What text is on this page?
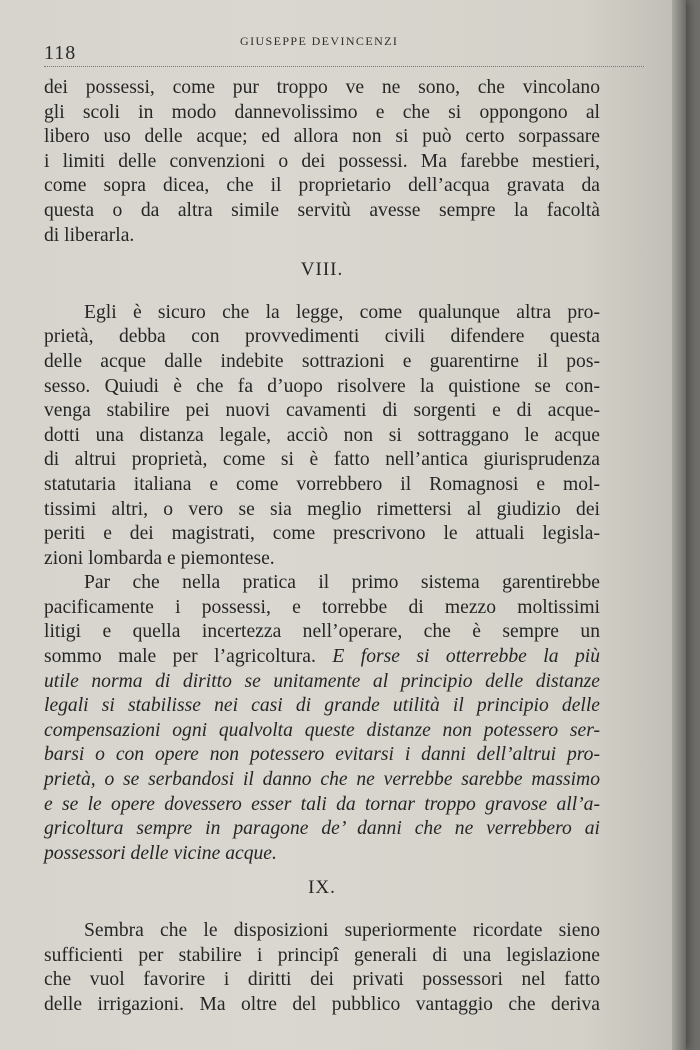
118
GIUSEPPE DEVINCENZI
dei possessi, come pur troppo ve ne sono, che vincolano
gli scoli in modo dannevolissimo e che si oppongono al
libero uso delle acque; ed allora non si può certo sorpassare
i limiti delle convenzioni o dei possessi. Ma farebbe mestieri,
come sopra dicea, che il proprietario dell’acqua gravata da
questa o da altra simile servitù avesse sempre la facoltà
di liberarla.
VIII.
Egli è sicuro che la legge, come qualunque altra pro-
prietà, debba con provvedimenti civili difendere questa
delle acque dalle indebite sottrazioni e guarentirne il pos-
sesso. Quiudi è che fa d’uopo risolvere la quistione se con-
venga stabilire pei nuovi cavamenti di sorgenti e di acque-
dotti una distanza legale, acciò non si sottraggano le acque
di altrui proprietà, come si è fatto nell’antica giurisprudenza
statutaria italiana e come vorrebbero il Romagnosi e mol-
tissimi altri, o vero se sia meglio rimettersi al giudizio dei
periti e dei magistrati, come prescrivono le attuali legisla-
zioni lombarda e piemontese.
Par che nella pratica il primo sistema garentirebbe
pacificamente i possessi, e torrebbe di mezzo moltissimi
litigi e quella incertezza nell’operare, che è sempre un
sommo male per l’agricoltura. E forse si otterrebbe la più
utile norma di diritto se unitamente al principio delle distanze
legali si stabilisse nei casi di grande utilità il principio delle
compensazioni ogni qualvolta queste distanze non potessero ser-
barsi o con opere non potessero evitarsi i danni dell’altrui pro-
prietà, o se serbandosi il danno che ne verrebbe sarebbe massimo
e se le opere dovessero esser tali da tornar troppo gravose all’a-
gricoltura sempre in paragone de’ danni che ne verrebbero ai
possessori delle vicine acque.
IX.
Sembra che le disposizioni superiormente ricordate sieno
sufficienti per stabilire i principî generali di una legislazione
che vuol favorire i diritti dei privati possessori nel fatto
delle irrigazioni. Ma oltre del pubblico vantaggio che deriva
